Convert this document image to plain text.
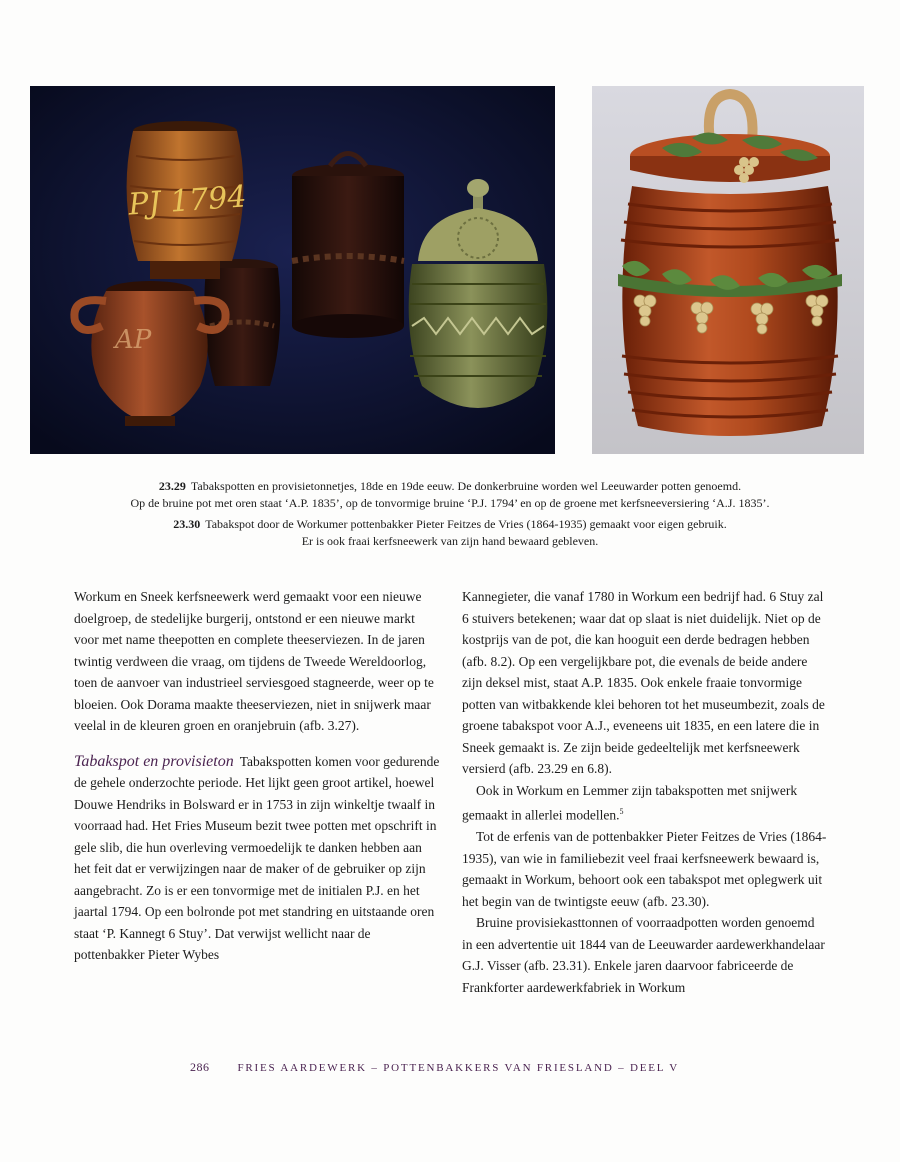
PJ 1794
AP

23.29 Tabakspotten en provisietonnetjes, 18de en 19de eeuw. De donkerbruine worden wel Leeuwarder potten genoemd.

Op de bruine pot met oren staat ‘A.P. 1835’, op de tonvormige bruine ‘P.J. 1794’ en op de groene met kerfsneeversiering ‘A.J. 1835’.

23.30 Tabakspot door de Workumer pottenbakker Pieter Feitzes de Vries (1864-1935) gemaakt voor eigen gebruik.

Er is ook fraai kerfsneewerk van zijn hand bewaard gebleven.

Workum en Sneek kerfsneewerk werd gemaakt voor een nieuwe doelgroep, de stedelijke burgerij, ontstond er een nieuwe markt voor met name theepotten en complete theeserviezen. In de jaren twintig verdween die vraag, om tijdens de Tweede Wereldoorlog, toen de aanvoer van industrieel serviesgoed stagneerde, weer op te bloeien. Ook Dorama maakte theeserviezen, niet in snijwerk maar veelal in de kleuren groen en oranjebruin (afb. 3.27).

Tabakspot en provisieton Tabakspotten komen voor gedurende de gehele onderzochte periode. Het lijkt geen groot artikel, hoewel Douwe Hendriks in Bolsward er in 1753 in zijn winkeltje twaalf in voorraad had. Het Fries Museum bezit twee potten met opschrift in gele slib, die hun overleving vermoedelijk te danken hebben aan het feit dat er verwijzingen naar de maker of de gebruiker op zijn aangebracht. Zo is er een tonvormige met de initialen P.J. en het jaartal 1794. Op een bolronde pot met standring en uitstaande oren staat ‘P. Kannegt 6 Stuy’. Dat verwijst wellicht naar de pottenbakker Pieter Wybes

Kannegieter, die vanaf 1780 in Workum een bedrijf had. 6 Stuy zal 6 stuivers betekenen; waar dat op slaat is niet duidelijk. Niet op de kostprijs van de pot, die kan hooguit een derde bedragen hebben (afb. 8.2). Op een vergelijkbare pot, die evenals de beide andere zijn deksel mist, staat A.P. 1835. Ook enkele fraaie tonvormige potten van witbakkende klei behoren tot het museumbezit, zoals de groene tabakspot voor A.J., eveneens uit 1835, en een latere die in Sneek gemaakt is. Ze zijn beide gedeeltelijk met kerfsneewerk versierd (afb. 23.29 en 6.8).

Ook in Workum en Lemmer zijn tabakspotten met snijwerk gemaakt in allerlei modellen.$^5$

Tot de erfenis van de pottenbakker Pieter Feitzes de Vries (1864-1935), van wie in familiebezit veel fraai kerfsneewerk bewaard is, gemaakt in Workum, behoort ook een tabakspot met oplegwerk uit het begin van de twintigste eeuw (afb. 23.30).

Bruine provisiekasttonnen of voorraadpotten worden genoemd in een advertentie uit 1844 van de Leeuwarder aardewerkhandelaar G.J. Visser (afb. 23.31). Enkele jaren daarvoor fabriceerde de Frankforter aardewerkfabriek in Workum

286	FRIES AARDEWERK – POTTENBAKKERS VAN FRIESLAND – DEEL V
